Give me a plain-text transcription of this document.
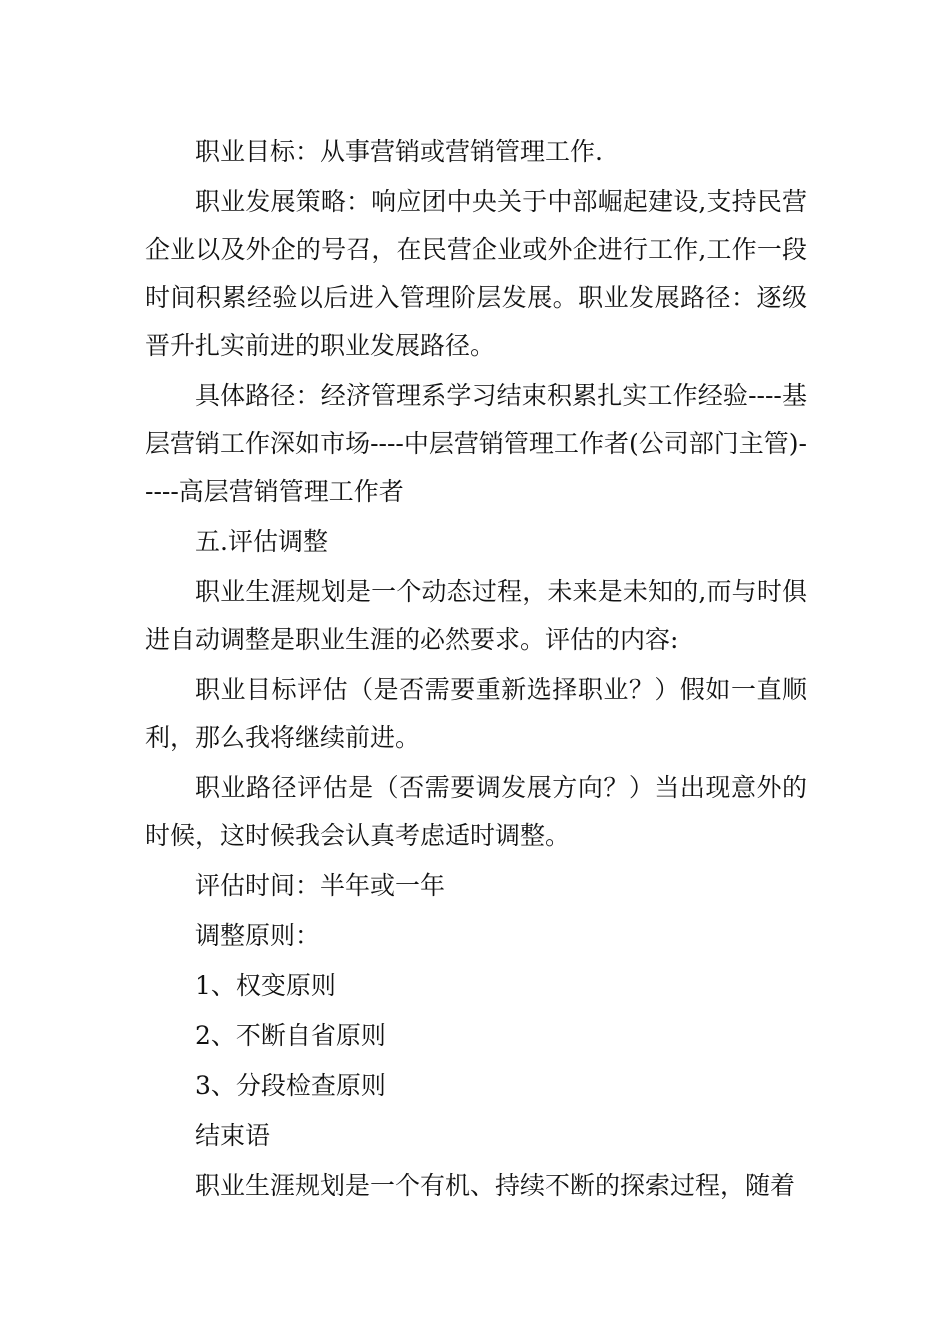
职业目标：从事营销或营销管理工作.

职业发展策略：响应团中央关于中部崛起建设,支持民营企业以及外企的号召，在民营企业或外企进行工作,工作一段时间积累经验以后进入管理阶层发展。职业发展路径：逐级晋升扎实前进的职业发展路径。

具体路径：经济管理系学习结束积累扎实工作经验----基层营销工作深如市场----中层营销管理工作者(公司部门主管)-----高层营销管理工作者

五.评估调整

职业生涯规划是一个动态过程，未来是未知的,而与时俱进自动调整是职业生涯的必然要求。评估的内容:

职业目标评估（是否需要重新选择职业？）假如一直顺利，那么我将继续前进。

职业路径评估是（否需要调发展方向？）当出现意外的时候，这时候我会认真考虑适时调整。

评估时间：半年或一年

调整原则：

1、权变原则

2、不断自省原则

3、分段检查原则

结束语

职业生涯规划是一个有机、持续不断的探索过程，随着
